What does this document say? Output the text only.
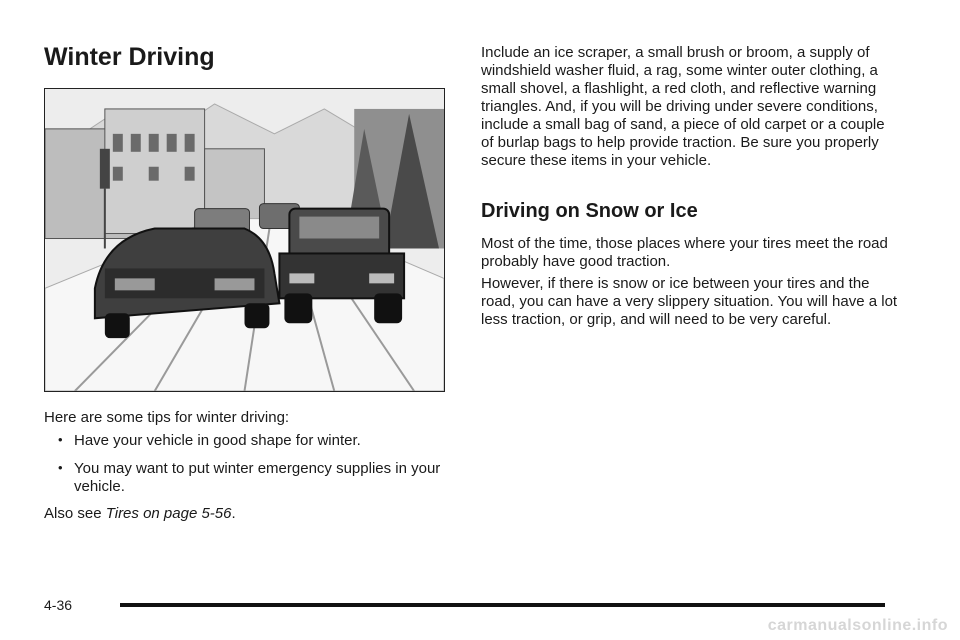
Winter Driving

Here are some tips for winter driving:

• Have your vehicle in good shape for winter.
• You may want to put winter emergency supplies in your vehicle.

Also see Tires on page 5-56.

Include an ice scraper, a small brush or broom, a supply of windshield washer fluid, a rag, some winter outer clothing, a small shovel, a flashlight, a red cloth, and reflective warning triangles. And, if you will be driving under severe conditions, include a small bag of sand, a piece of old carpet or a couple of burlap bags to help provide traction. Be sure you properly secure these items in your vehicle.

Driving on Snow or Ice

Most of the time, those places where your tires meet the road probably have good traction.

However, if there is snow or ice between your tires and the road, you can have a very slippery situation. You will have a lot less traction, or grip, and will need to be very careful.

4-36
carmanualsonline.info
